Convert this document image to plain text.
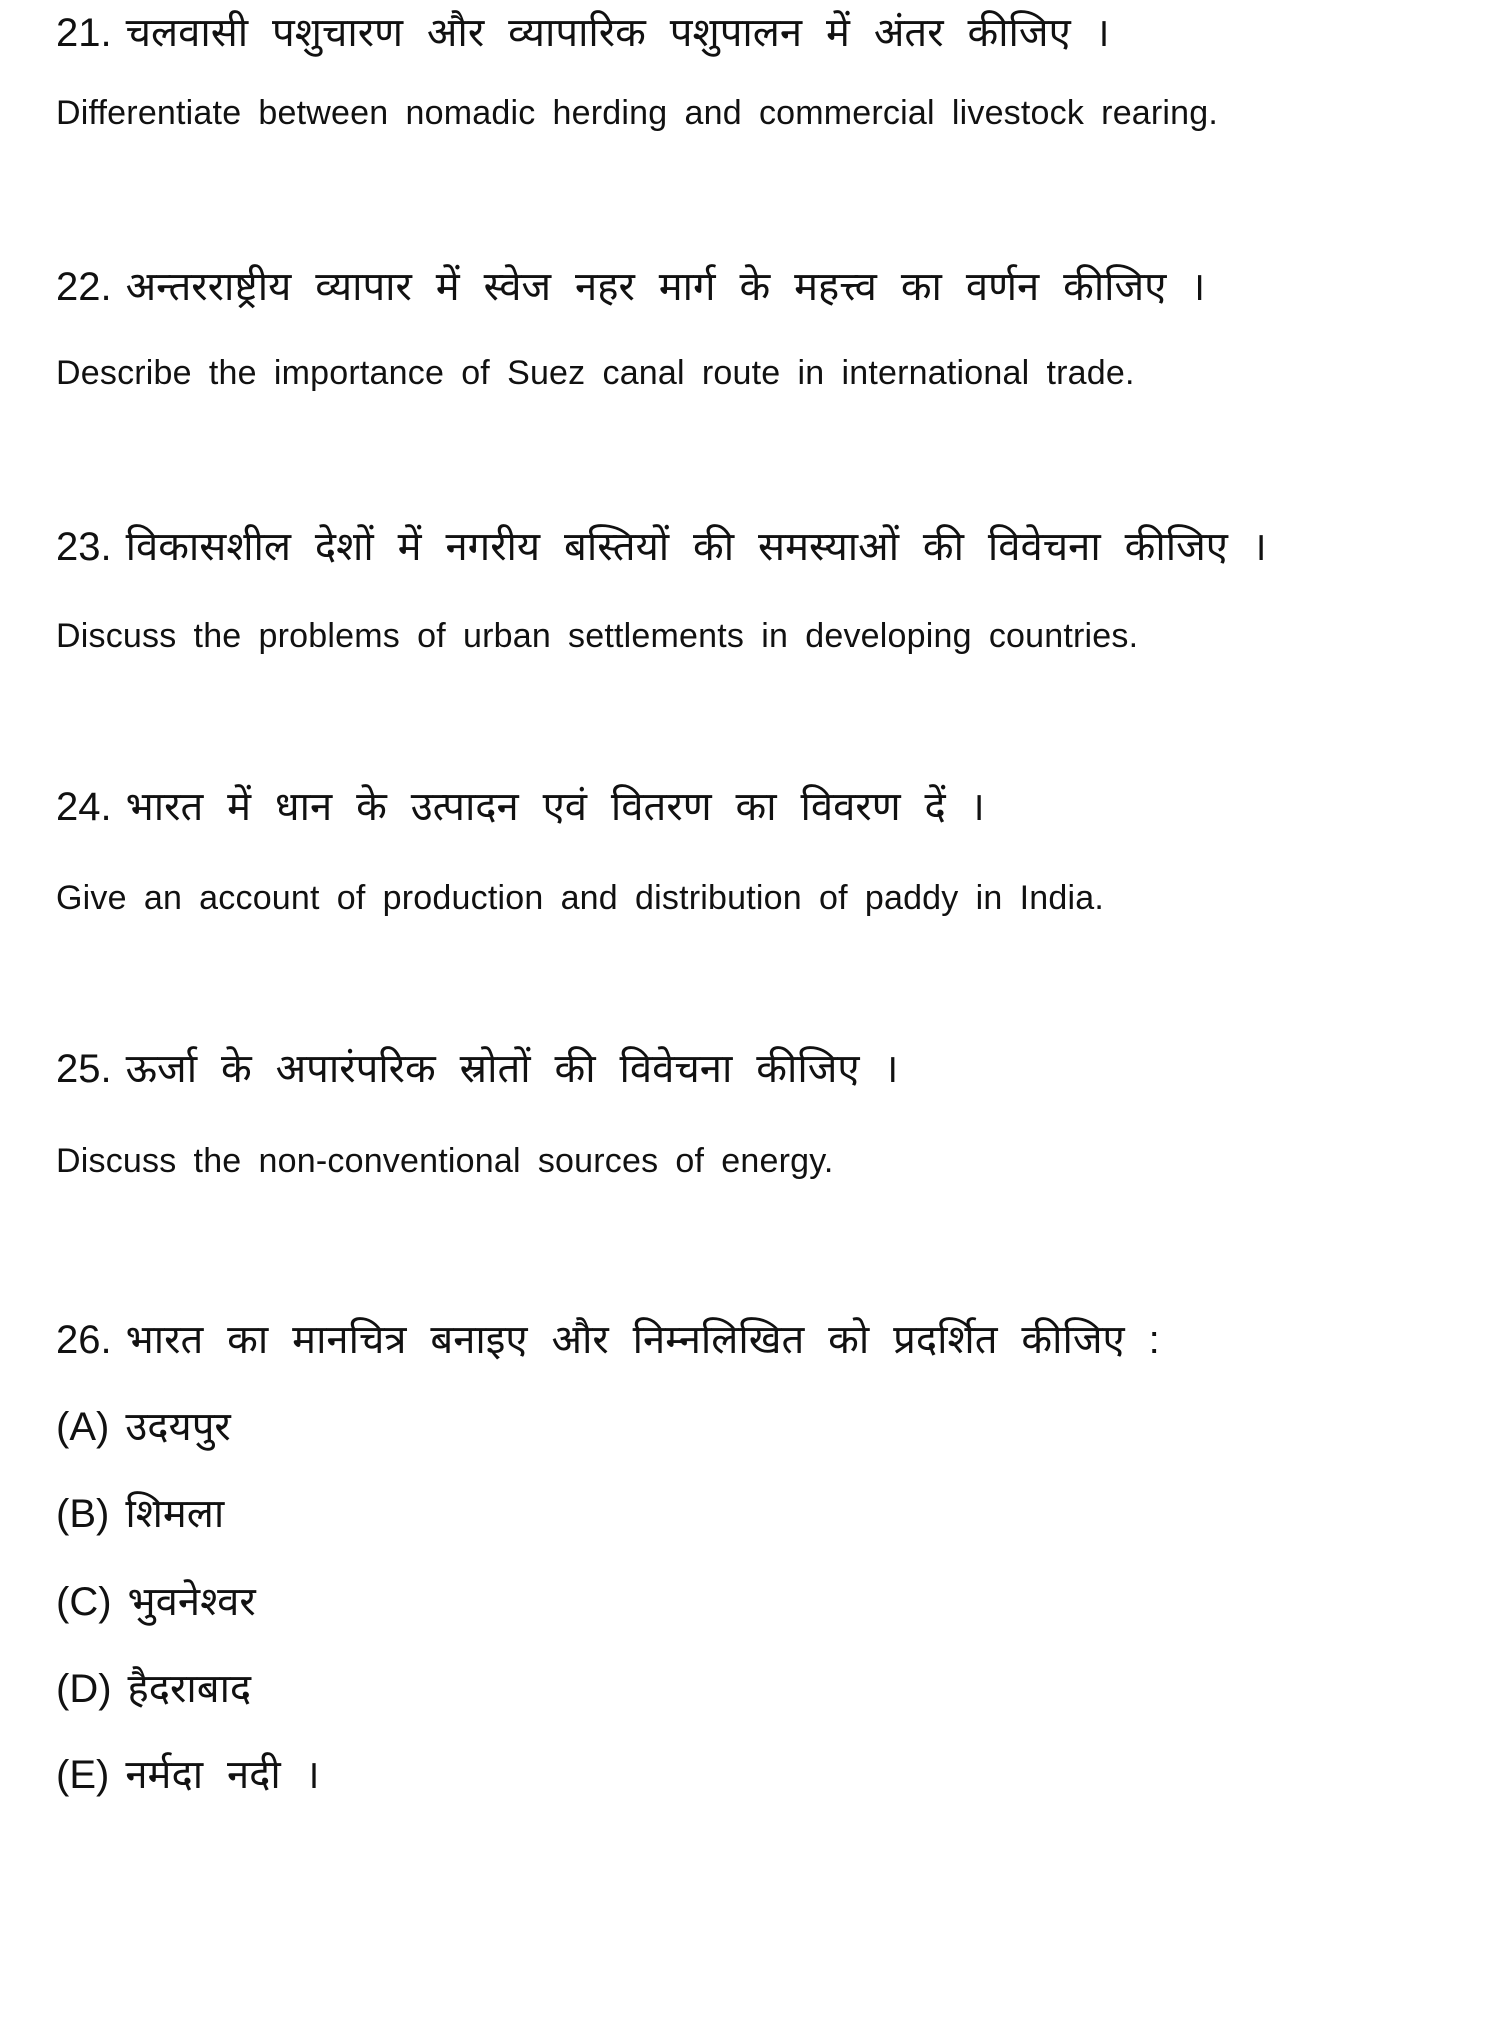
21. चलवासी पशुचारण और व्यापारिक पशुपालन में अंतर कीजिए ।
Differentiate between nomadic herding and commercial livestock rearing.
22. अन्तरराष्ट्रीय व्यापार में स्वेज नहर मार्ग के महत्त्व का वर्णन कीजिए ।
Describe the importance of Suez canal route in international trade.
23. विकासशील देशों में नगरीय बस्तियों की समस्याओं की विवेचना कीजिए ।
Discuss the problems of urban settlements in developing countries.
24. भारत में धान के उत्पादन एवं वितरण का विवरण दें ।
Give an account of production and distribution of paddy in India.
25. ऊर्जा के अपारंपरिक स्रोतों की विवेचना कीजिए ।
Discuss the non-conventional sources of energy.
26. भारत का मानचित्र बनाइए और निम्नलिखित को प्रदर्शित कीजिए :
(A) उदयपुर
(B) शिमला
(C) भुवनेश्वर
(D) हैदराबाद
(E) नर्मदा नदी ।
